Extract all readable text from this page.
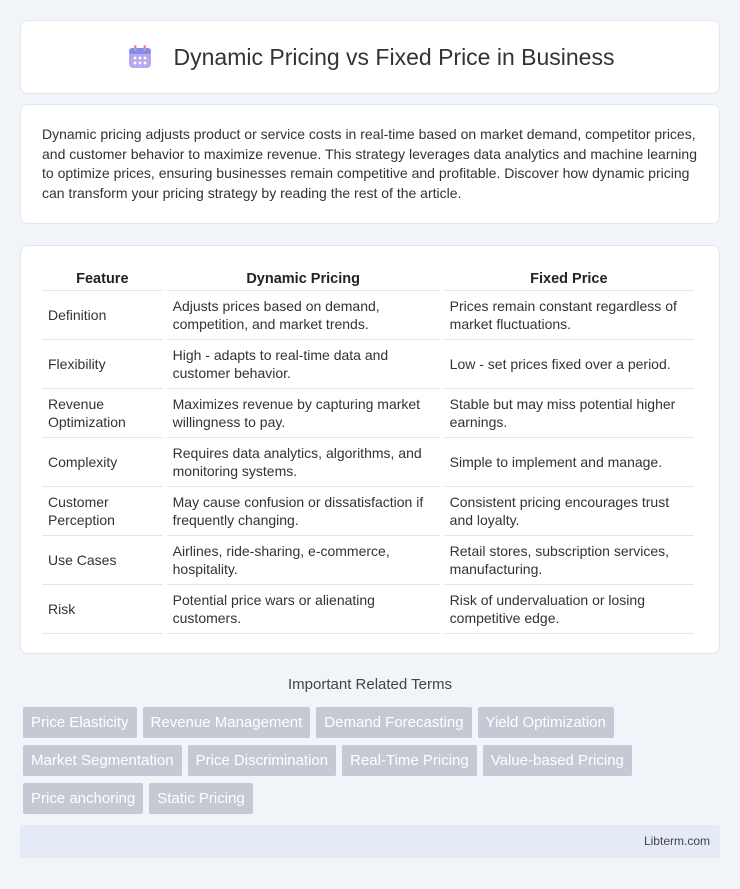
Dynamic Pricing vs Fixed Price in Business

Dynamic pricing adjusts product or service costs in real-time based on market demand, competitor prices, and customer behavior to maximize revenue. This strategy leverages data analytics and machine learning to optimize prices, ensuring businesses remain competitive and profitable. Discover how dynamic pricing can transform your pricing strategy by reading the rest of the article.

Feature	Dynamic Pricing	Fixed Price
Definition	Adjusts prices based on demand, competition, and market trends.	Prices remain constant regardless of market fluctuations.
Flexibility	High - adapts to real-time data and customer behavior.	Low - set prices fixed over a period.
Revenue Optimization	Maximizes revenue by capturing market willingness to pay.	Stable but may miss potential higher earnings.
Complexity	Requires data analytics, algorithms, and monitoring systems.	Simple to implement and manage.
Customer Perception	May cause confusion or dissatisfaction if frequently changing.	Consistent pricing encourages trust and loyalty.
Use Cases	Airlines, ride-sharing, e-commerce, hospitality.	Retail stores, subscription services, manufacturing.
Risk	Potential price wars or alienating customers.	Risk of undervaluation or losing competitive edge.
Important Related Terms
Price Elasticity	Revenue Management	Demand Forecasting	Yield Optimization
Market Segmentation	Price Discrimination	Real-Time Pricing	Value-based Pricing
Price anchoring	Static Pricing
Libterm.com
